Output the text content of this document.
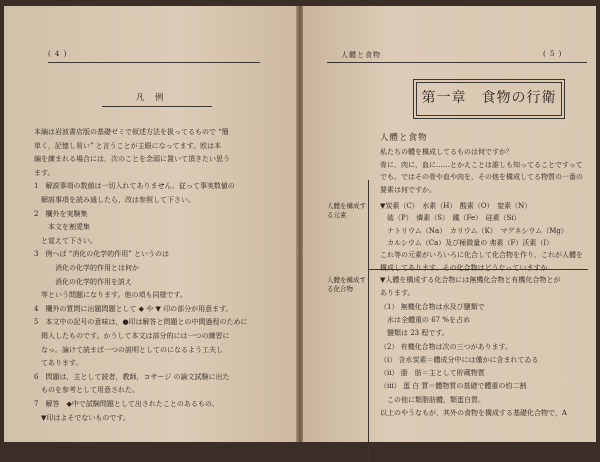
( 4 )
凡　例
本編は岩波書店版の基礎ゼミで叙述方法を扱ってるもので “簡
単く，記憶し易い” と言うことが主眼になってます。欧は本
編を練まれる場合には，次のことを念頭に置いて頂きたい思う
ます。
1　解説事項の数値は一切入れてありません。従って事実数値の
　解説事項を読み通したら，改は参照して下さい。
2　欄外を実験集
　　本文を割愛集
　と覚えて下さい。
3　例へば “消化の化学的作用” というのは
　　　消化の化学的作用とは何か
　　　消化の化学的作用を説え
　等という問題になります。他の項も同様です。
4　欄外の質問に出題問題として ◆ や ▼ 印の部分が用意ます。
5　本文中の記号の意味は，●印は解答と問題との中間過程のために
　掲入したものです。かうして本文は部分的には一つの練習に
　なっ。論けて読まば一つの説明としてのになるよう工夫し
　てあります。
6　問題は，主として読者，教師，コサージ の論文試験に出た
　ものを参考として用意された。
7　解答　◆中で試験問題として出されたことのあるもの。
　▼印はよそでないものです。
人體と食物	( 5 )
第一章　食物の行衛
人體と食物
私たちの體を構成してるものは何ですか？
骨に，肉に，血に……とかえことは誰しも知ってることですって
でも。ではその骨や血や肉を，その他を構成してる物質の一番の
要素は何ですか。
人體を構成する元素
人體を構成する化合物
▼炭素（C）　水素（H）　酸素（O）　窒素（N）
　硫（P）　燐素（S）　鐵（Fe）　硅素（Si）
　ナトリウム（Na）　カリウム（K）　マグネシウム（Mg）
　カルシウム（Ca）及び極微量の 弗素（F）沃素（I）
これ等の元素がいろいろに化合して化合物を作り，これが人體を
構成してあります。その化合物はどうなっていますか
▼人體を構成する化合物には無機化合物と有機化合物とが
あります。
（1） 無機化合物は水及び鹽類で
　水は全體重の 67 %を占め
　鹽類は 23 程です。
（2） 有機化合物は次の三つがあります。
（i） 含水炭素＝體成分中には僅かに含まれてゐる
（ii） 脂　肪＝主として貯蔵物質
（iii） 蛋 白 質＝體物質の基礎で體重の約二割
　この他に類脂肪體，類蛋白質。
以上のやうなもが，其外の食物を構成する基礎化合物で，A
